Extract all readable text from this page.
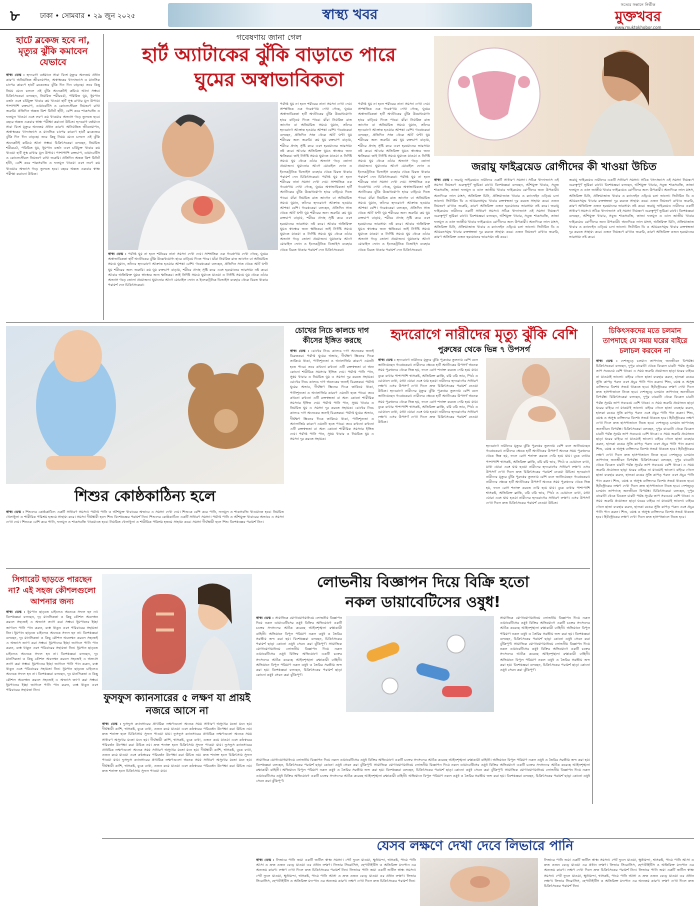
৮	ঢাকা • সোমবার • ২৯ জুন ২০২৫	স্বাস্থ্য খবর
সত্যের সন্ধানে নির্ভীক
মুক্তখবর
www.muktokhobor.com
হার্টে ব্লকেজ হবে না, মৃত্যুর ঝুঁকি কমাবেন যেভাবে
স্বাস্থ্য ডেস্ক : হৃদরোগ বর্তমানে সারা বিশ্বে মৃত্যুর অন্যতম প্রধান কারণ। অনিয়ন্ত্রিত জীবনযাপন, অস্বাস্থ্যকর খাদ্যাভ্যাস ও মানসিক চাপের কারণে হার্টে ব্লকেজের ঝুঁকি দিন দিন বাড়ছে। তবে কিছু নিয়ম মেনে চললে এই ঝুঁকি অনেকটাই কমিয়ে আনা সম্ভব। চিকিৎসকেরা বলছেন, নিয়মিত শরীরচর্চা, পরিমিত ঘুম, ধূমপান বর্জন এবং চর্বিযুক্ত খাবার কম খাওয়া হার্ট সুস্থ রাখার মূল উপায়। পাশাপাশি রক্তচাপ, ডায়াবেটিস ও কোলেস্টেরল নিয়ন্ত্রণে রাখা জরুরি। প্রতিদিন অন্তত ত্রিশ মিনিট হাঁটা, বেশি করে শাকসবজি ও ফলমূল খাওয়া এবং লবণ কম খাওয়ার অভ্যাস গড়ে তুলতে হবে। বছরে অন্তত একবার স্বাস্থ্য পরীক্ষা করানো উচিত। হৃদরোগ বর্তমানে সারা বিশ্বে মৃত্যুর অন্যতম প্রধান কারণ। অনিয়ন্ত্রিত জীবনযাপন, অস্বাস্থ্যকর খাদ্যাভ্যাস ও মানসিক চাপের কারণে হার্টে ব্লকেজের ঝুঁকি দিন দিন বাড়ছে। তবে কিছু নিয়ম মেনে চললে এই ঝুঁকি অনেকটাই কমিয়ে আনা সম্ভব। চিকিৎসকেরা বলছেন, নিয়মিত শরীরচর্চা, পরিমিত ঘুম, ধূমপান বর্জন এবং চর্বিযুক্ত খাবার কম খাওয়া হার্ট সুস্থ রাখার মূল উপায়। পাশাপাশি রক্তচাপ, ডায়াবেটিস ও কোলেস্টেরল নিয়ন্ত্রণে রাখা জরুরি। প্রতিদিন অন্তত ত্রিশ মিনিট হাঁটা, বেশি করে শাকসবজি ও ফলমূল খাওয়া এবং লবণ কম খাওয়ার অভ্যাস গড়ে তুলতে হবে। বছরে অন্তত একবার স্বাস্থ্য পরীক্ষা করানো উচিত।
গবেষণায় জানা গেল
হার্ট অ্যাটাকের ঝুঁকি বাড়াতে পারে
ঘুমের অস্বাভাবিকতা
স্বাস্থ্য ডেস্ক : পর্যাপ্ত ঘুম না হলে শরীরের নানা সমস্যা দেখা দেয়। সাম্প্রতিক এক গবেষণায় দেখা গেছে, ঘুমের অস্বাভাবিকতা হার্ট অ্যাটাকের ঝুঁকি উল্লেখযোগ্য হারে বাড়িয়ে দিতে পারে। যাঁরা নিয়মিত রাত জাগেন বা অনিয়মিত সময়ে ঘুমান, তাঁদের হৃদরোগে আক্রান্ত হওয়ার আশঙ্কা বেশি। গবেষকেরা বলছেন, প্রতিদিন সাত থেকে আট ঘণ্টা ঘুম শরীরের জন্য জরুরি। কম ঘুম রক্তচাপ বাড়ায়, শরীরে প্রদাহ সৃষ্টি করে এবং হরমোনের ভারসাম্য নষ্ট করে। আবার অতিরিক্ত ঘুমও স্বাস্থ্যের জন্য ক্ষতিকর। তাই নির্দিষ্ট সময়ে ঘুমাতে যাওয়া ও নির্দিষ্ট সময়ে ঘুম থেকে ওঠার অভ্যাস গড়ে তোলা প্রয়োজন। ঘুমানোর আগে মোবাইল ফোন ও ইলেকট্রনিক ডিভাইস ব্যবহার থেকে বিরত থাকার পরামর্শ দেন চিকিৎসকেরা।
পর্যাপ্ত ঘুম না হলে শরীরের নানা সমস্যা দেখা দেয়। সাম্প্রতিক এক গবেষণায় দেখা গেছে, ঘুমের অস্বাভাবিকতা হার্ট অ্যাটাকের ঝুঁকি উল্লেখযোগ্য হারে বাড়িয়ে দিতে পারে। যাঁরা নিয়মিত রাত জাগেন বা অনিয়মিত সময়ে ঘুমান, তাঁদের হৃদরোগে আক্রান্ত হওয়ার আশঙ্কা বেশি। গবেষকেরা বলছেন, প্রতিদিন সাত থেকে আট ঘণ্টা ঘুম শরীরের জন্য জরুরি। কম ঘুম রক্তচাপ বাড়ায়, শরীরে প্রদাহ সৃষ্টি করে এবং হরমোনের ভারসাম্য নষ্ট করে। আবার অতিরিক্ত ঘুমও স্বাস্থ্যের জন্য ক্ষতিকর। তাই নির্দিষ্ট সময়ে ঘুমাতে যাওয়া ও নির্দিষ্ট সময়ে ঘুম থেকে ওঠার অভ্যাস গড়ে তোলা প্রয়োজন। ঘুমানোর আগে মোবাইল ফোন ও ইলেকট্রনিক ডিভাইস ব্যবহার থেকে বিরত থাকার পরামর্শ দেন চিকিৎসকেরা। পর্যাপ্ত ঘুম না হলে শরীরের নানা সমস্যা দেখা দেয়। সাম্প্রতিক এক গবেষণায় দেখা গেছে, ঘুমের অস্বাভাবিকতা হার্ট অ্যাটাকের ঝুঁকি উল্লেখযোগ্য হারে বাড়িয়ে দিতে পারে। যাঁরা নিয়মিত রাত জাগেন বা অনিয়মিত সময়ে ঘুমান, তাঁদের হৃদরোগে আক্রান্ত হওয়ার আশঙ্কা বেশি। গবেষকেরা বলছেন, প্রতিদিন সাত থেকে আট ঘণ্টা ঘুম শরীরের জন্য জরুরি। কম ঘুম রক্তচাপ বাড়ায়, শরীরে প্রদাহ সৃষ্টি করে এবং হরমোনের ভারসাম্য নষ্ট করে। আবার অতিরিক্ত ঘুমও স্বাস্থ্যের জন্য ক্ষতিকর। তাই নির্দিষ্ট সময়ে ঘুমাতে যাওয়া ও নির্দিষ্ট সময়ে ঘুম থেকে ওঠার অভ্যাস গড়ে তোলা প্রয়োজন। ঘুমানোর আগে মোবাইল ফোন ও ইলেকট্রনিক ডিভাইস ব্যবহার থেকে বিরত থাকার পরামর্শ দেন চিকিৎসকেরা।
পর্যাপ্ত ঘুম না হলে শরীরের নানা সমস্যা দেখা দেয়। সাম্প্রতিক এক গবেষণায় দেখা গেছে, ঘুমের অস্বাভাবিকতা হার্ট অ্যাটাকের ঝুঁকি উল্লেখযোগ্য হারে বাড়িয়ে দিতে পারে। যাঁরা নিয়মিত রাত জাগেন বা অনিয়মিত সময়ে ঘুমান, তাঁদের হৃদরোগে আক্রান্ত হওয়ার আশঙ্কা বেশি। গবেষকেরা বলছেন, প্রতিদিন সাত থেকে আট ঘণ্টা ঘুম শরীরের জন্য জরুরি। কম ঘুম রক্তচাপ বাড়ায়, শরীরে প্রদাহ সৃষ্টি করে এবং হরমোনের ভারসাম্য নষ্ট করে। আবার অতিরিক্ত ঘুমও স্বাস্থ্যের জন্য ক্ষতিকর। তাই নির্দিষ্ট সময়ে ঘুমাতে যাওয়া ও নির্দিষ্ট সময়ে ঘুম থেকে ওঠার অভ্যাস গড়ে তোলা প্রয়োজন। ঘুমানোর আগে মোবাইল ফোন ও ইলেকট্রনিক ডিভাইস ব্যবহার থেকে বিরত থাকার পরামর্শ দেন চিকিৎসকেরা। পর্যাপ্ত ঘুম না হলে শরীরের নানা সমস্যা দেখা দেয়। সাম্প্রতিক এক গবেষণায় দেখা গেছে, ঘুমের অস্বাভাবিকতা হার্ট অ্যাটাকের ঝুঁকি উল্লেখযোগ্য হারে বাড়িয়ে দিতে পারে। যাঁরা নিয়মিত রাত জাগেন বা অনিয়মিত সময়ে ঘুমান, তাঁদের হৃদরোগে আক্রান্ত হওয়ার আশঙ্কা বেশি। গবেষকেরা বলছেন, প্রতিদিন সাত থেকে আট ঘণ্টা ঘুম শরীরের জন্য জরুরি। কম ঘুম রক্তচাপ বাড়ায়, শরীরে প্রদাহ সৃষ্টি করে এবং হরমোনের ভারসাম্য নষ্ট করে। আবার অতিরিক্ত ঘুমও স্বাস্থ্যের জন্য ক্ষতিকর। তাই নির্দিষ্ট সময়ে ঘুমাতে যাওয়া ও নির্দিষ্ট সময়ে ঘুম থেকে ওঠার অভ্যাস গড়ে তোলা প্রয়োজন। ঘুমানোর আগে মোবাইল ফোন ও ইলেকট্রনিক ডিভাইস ব্যবহার থেকে বিরত থাকার পরামর্শ দেন চিকিৎসকেরা।
জরায়ু ফাইব্রয়েড রোগীদের কী খাওয়া উচিত
স্বাস্থ্য ডেস্ক : জরায়ু ফাইব্রয়েড নারীদের একটি সাধারণ সমস্যা। সঠিক খাদ্যাভ্যাস এই সমস্যা নিয়ন্ত্রণে গুরুত্বপূর্ণ ভূমিকা রাখে। বিশেষজ্ঞরা বলছেন, আঁশযুক্ত খাবার, সবুজ শাকসবজি, তাজা ফলমূল ও ডাল জাতীয় খাবার ফাইব্রয়েড রোগীদের জন্য উপকারী। অন্যদিকে লাল মাংস, অতিরিক্ত চিনি, প্রক্রিয়াজাত খাবার ও ক্যাফেইন এড়িয়ে চলা ভালো। ভিটামিন ডি ও আয়রনসমৃদ্ধ খাবার রক্তস্বল্পতা দূর করতে সাহায্য করে। ওজন নিয়ন্ত্রণে রাখাও জরুরি, কারণ অতিরিক্ত ওজন হরমোনের ভারসাম্য নষ্ট করে। জরায়ু ফাইব্রয়েড নারীদের একটি সাধারণ সমস্যা। সঠিক খাদ্যাভ্যাস এই সমস্যা নিয়ন্ত্রণে গুরুত্বপূর্ণ ভূমিকা রাখে। বিশেষজ্ঞরা বলছেন, আঁশযুক্ত খাবার, সবুজ শাকসবজি, তাজা ফলমূল ও ডাল জাতীয় খাবার ফাইব্রয়েড রোগীদের জন্য উপকারী। অন্যদিকে লাল মাংস, অতিরিক্ত চিনি, প্রক্রিয়াজাত খাবার ও ক্যাফেইন এড়িয়ে চলা ভালো। ভিটামিন ডি ও আয়রনসমৃদ্ধ খাবার রক্তস্বল্পতা দূর করতে সাহায্য করে। ওজন নিয়ন্ত্রণে রাখাও জরুরি, কারণ অতিরিক্ত ওজন হরমোনের ভারসাম্য নষ্ট করে।
জরায়ু ফাইব্রয়েড নারীদের একটি সাধারণ সমস্যা। সঠিক খাদ্যাভ্যাস এই সমস্যা নিয়ন্ত্রণে গুরুত্বপূর্ণ ভূমিকা রাখে। বিশেষজ্ঞরা বলছেন, আঁশযুক্ত খাবার, সবুজ শাকসবজি, তাজা ফলমূল ও ডাল জাতীয় খাবার ফাইব্রয়েড রোগীদের জন্য উপকারী। অন্যদিকে লাল মাংস, অতিরিক্ত চিনি, প্রক্রিয়াজাত খাবার ও ক্যাফেইন এড়িয়ে চলা ভালো। ভিটামিন ডি ও আয়রনসমৃদ্ধ খাবার রক্তস্বল্পতা দূর করতে সাহায্য করে। ওজন নিয়ন্ত্রণে রাখাও জরুরি, কারণ অতিরিক্ত ওজন হরমোনের ভারসাম্য নষ্ট করে। জরায়ু ফাইব্রয়েড নারীদের একটি সাধারণ সমস্যা। সঠিক খাদ্যাভ্যাস এই সমস্যা নিয়ন্ত্রণে গুরুত্বপূর্ণ ভূমিকা রাখে। বিশেষজ্ঞরা বলছেন, আঁশযুক্ত খাবার, সবুজ শাকসবজি, তাজা ফলমূল ও ডাল জাতীয় খাবার ফাইব্রয়েড রোগীদের জন্য উপকারী। অন্যদিকে লাল মাংস, অতিরিক্ত চিনি, প্রক্রিয়াজাত খাবার ও ক্যাফেইন এড়িয়ে চলা ভালো। ভিটামিন ডি ও আয়রনসমৃদ্ধ খাবার রক্তস্বল্পতা দূর করতে সাহায্য করে। ওজন নিয়ন্ত্রণে রাখাও জরুরি, কারণ অতিরিক্ত ওজন হরমোনের ভারসাম্য নষ্ট করে।
শিশুর কোষ্ঠকাঠিন্য হলে
স্বাস্থ্য ডেস্ক : শিশুদের কোষ্ঠকাঠিন্য একটি সাধারণ সমস্যা। পর্যাপ্ত পানি ও আঁশযুক্ত খাবারের অভাবে এ সমস্যা দেখা দেয়। শিশুকে বেশি করে পানি, ফলমূল ও শাকসবজি খাওয়াতে হবে। নিয়মিত খেলাধুলা ও শারীরিক পরিশ্রম হজমে সাহায্য করে। সমস্যা দীর্ঘস্থায়ী হলে শিশু বিশেষজ্ঞের পরামর্শ নিন। শিশুদের কোষ্ঠকাঠিন্য একটি সাধারণ সমস্যা। পর্যাপ্ত পানি ও আঁশযুক্ত খাবারের অভাবে এ সমস্যা দেখা দেয়। শিশুকে বেশি করে পানি, ফলমূল ও শাকসবজি খাওয়াতে হবে। নিয়মিত খেলাধুলা ও শারীরিক পরিশ্রম হজমে সাহায্য করে। সমস্যা দীর্ঘস্থায়ী হলে শিশু বিশেষজ্ঞের পরামর্শ নিন।
চোখের নিচে কালচে দাগ কীসের ইঙ্গিত করছে
স্বাস্থ্য ডেস্ক : চোখের নিচে কালচে দাগ অনেকের জন্যই বিব্রতকর। পর্যাপ্ত ঘুমের অভাব, দীর্ঘক্ষণ স্ক্রিনের দিকে তাকিয়ে থাকা, পানিশূন্যতা ও অ্যালার্জির কারণে এমনটা হতে পারে। তবে কখনো কখনো এটি রক্তস্বল্পতা বা অন্য কোনো শারীরিক সমস্যার ইঙ্গিত দেয়। পর্যাপ্ত পানি পান, সুষম খাবার ও নিয়মিত ঘুম এ সমস্যা দূর করতে সহায়ক। চোখের নিচে কালচে দাগ অনেকের জন্যই বিব্রতকর। পর্যাপ্ত ঘুমের অভাব, দীর্ঘক্ষণ স্ক্রিনের দিকে তাকিয়ে থাকা, পানিশূন্যতা ও অ্যালার্জির কারণে এমনটা হতে পারে। তবে কখনো কখনো এটি রক্তস্বল্পতা বা অন্য কোনো শারীরিক সমস্যার ইঙ্গিত দেয়। পর্যাপ্ত পানি পান, সুষম খাবার ও নিয়মিত ঘুম এ সমস্যা দূর করতে সহায়ক। চোখের নিচে কালচে দাগ অনেকের জন্যই বিব্রতকর। পর্যাপ্ত ঘুমের অভাব, দীর্ঘক্ষণ স্ক্রিনের দিকে তাকিয়ে থাকা, পানিশূন্যতা ও অ্যালার্জির কারণে এমনটা হতে পারে। তবে কখনো কখনো এটি রক্তস্বল্পতা বা অন্য কোনো শারীরিক সমস্যার ইঙ্গিত দেয়। পর্যাপ্ত পানি পান, সুষম খাবার ও নিয়মিত ঘুম এ সমস্যা দূর করতে সহায়ক।
হৃদরোগে নারীদের মৃত্যু ঝুঁকি বেশি
পুরুষের থেকে ভিন্ন ৭ উপসর্গ
স্বাস্থ্য ডেস্ক : হৃদরোগে নারীদের মৃত্যুর ঝুঁকি পুরুষের তুলনায় বেশি বলে জানিয়েছেন গবেষকেরা। নারীদের ক্ষেত্রে হার্ট অ্যাটাকের উপসর্গ অনেক সময় পুরুষদের থেকে ভিন্ন হয়, ফলে রোগ শনাক্ত করতে দেরি হয়ে যায়। বুকে ব্যথার পাশাপাশি শ্বাসকষ্ট, অতিরিক্ত ক্লান্তি, বমি বমি ভাব, পিঠে ও চোয়ালে ব্যথা, মাথা ঘোরা এবং ঘাম হওয়া নারীদের হৃদরোগের সাধারণ লক্ষণ। এসব উপসর্গ দেখা দিলে দ্রুত চিকিৎসকের পরামর্শ নেওয়া উচিত। হৃদরোগে নারীদের মৃত্যুর ঝুঁকি পুরুষের তুলনায় বেশি বলে জানিয়েছেন গবেষকেরা। নারীদের ক্ষেত্রে হার্ট অ্যাটাকের উপসর্গ অনেক সময় পুরুষদের থেকে ভিন্ন হয়, ফলে রোগ শনাক্ত করতে দেরি হয়ে যায়। বুকে ব্যথার পাশাপাশি শ্বাসকষ্ট, অতিরিক্ত ক্লান্তি, বমি বমি ভাব, পিঠে ও চোয়ালে ব্যথা, মাথা ঘোরা এবং ঘাম হওয়া নারীদের হৃদরোগের সাধারণ লক্ষণ। এসব উপসর্গ দেখা দিলে দ্রুত চিকিৎসকের পরামর্শ নেওয়া উচিত।
হৃদরোগে নারীদের মৃত্যুর ঝুঁকি পুরুষের তুলনায় বেশি বলে জানিয়েছেন গবেষকেরা। নারীদের ক্ষেত্রে হার্ট অ্যাটাকের উপসর্গ অনেক সময় পুরুষদের থেকে ভিন্ন হয়, ফলে রোগ শনাক্ত করতে দেরি হয়ে যায়। বুকে ব্যথার পাশাপাশি শ্বাসকষ্ট, অতিরিক্ত ক্লান্তি, বমি বমি ভাব, পিঠে ও চোয়ালে ব্যথা, মাথা ঘোরা এবং ঘাম হওয়া নারীদের হৃদরোগের সাধারণ লক্ষণ। এসব উপসর্গ দেখা দিলে দ্রুত চিকিৎসকের পরামর্শ নেওয়া উচিত। হৃদরোগে নারীদের মৃত্যুর ঝুঁকি পুরুষের তুলনায় বেশি বলে জানিয়েছেন গবেষকেরা। নারীদের ক্ষেত্রে হার্ট অ্যাটাকের উপসর্গ অনেক সময় পুরুষদের থেকে ভিন্ন হয়, ফলে রোগ শনাক্ত করতে দেরি হয়ে যায়। বুকে ব্যথার পাশাপাশি শ্বাসকষ্ট, অতিরিক্ত ক্লান্তি, বমি বমি ভাব, পিঠে ও চোয়ালে ব্যথা, মাথা ঘোরা এবং ঘাম হওয়া নারীদের হৃদরোগের সাধারণ লক্ষণ। এসব উপসর্গ দেখা দিলে দ্রুত চিকিৎসকের পরামর্শ নেওয়া উচিত।
চিকিৎসকদের মতে চলমান তাপদাহে যে সময় ঘরের বাইরে চলাচল করবেন না
স্বাস্থ্য ডেস্ক : দেশজুড়ে চলমান তাপদাহে জনজীবন বিপর্যস্ত। চিকিৎসকেরা বলছেন, দুপুর বারোটা থেকে বিকেল চারটা পর্যন্ত সূর্যের তাপ সবচেয়ে বেশি থাকে। এ সময় জরুরি প্রয়োজন ছাড়া ঘরের বাইরে না যাওয়াই ভালো। বাইরে গেলে ছাতা ব্যবহার করুন, হালকা রঙের সুতি কাপড় পরুন এবং প্রচুর পানি পান করুন। শিশু, বয়স্ক ও অসুস্থ ব্যক্তিদের বিশেষ সতর্ক থাকতে হবে। হিটস্ট্রোকের লক্ষণ দেখা দিলে দ্রুত হাসপাতালে নিতে হবে। দেশজুড়ে চলমান তাপদাহে জনজীবন বিপর্যস্ত। চিকিৎসকেরা বলছেন, দুপুর বারোটা থেকে বিকেল চারটা পর্যন্ত সূর্যের তাপ সবচেয়ে বেশি থাকে। এ সময় জরুরি প্রয়োজন ছাড়া ঘরের বাইরে না যাওয়াই ভালো। বাইরে গেলে ছাতা ব্যবহার করুন, হালকা রঙের সুতি কাপড় পরুন এবং প্রচুর পানি পান করুন। শিশু, বয়স্ক ও অসুস্থ ব্যক্তিদের বিশেষ সতর্ক থাকতে হবে। হিটস্ট্রোকের লক্ষণ দেখা দিলে দ্রুত হাসপাতালে নিতে হবে। দেশজুড়ে চলমান তাপদাহে জনজীবন বিপর্যস্ত। চিকিৎসকেরা বলছেন, দুপুর বারোটা থেকে বিকেল চারটা পর্যন্ত সূর্যের তাপ সবচেয়ে বেশি থাকে। এ সময় জরুরি প্রয়োজন ছাড়া ঘরের বাইরে না যাওয়াই ভালো। বাইরে গেলে ছাতা ব্যবহার করুন, হালকা রঙের সুতি কাপড় পরুন এবং প্রচুর পানি পান করুন। শিশু, বয়স্ক ও অসুস্থ ব্যক্তিদের বিশেষ সতর্ক থাকতে হবে। হিটস্ট্রোকের লক্ষণ দেখা দিলে দ্রুত হাসপাতালে নিতে হবে। দেশজুড়ে চলমান তাপদাহে জনজীবন বিপর্যস্ত। চিকিৎসকেরা বলছেন, দুপুর বারোটা থেকে বিকেল চারটা পর্যন্ত সূর্যের তাপ সবচেয়ে বেশি থাকে। এ সময় জরুরি প্রয়োজন ছাড়া ঘরের বাইরে না যাওয়াই ভালো। বাইরে গেলে ছাতা ব্যবহার করুন, হালকা রঙের সুতি কাপড় পরুন এবং প্রচুর পানি পান করুন। শিশু, বয়স্ক ও অসুস্থ ব্যক্তিদের বিশেষ সতর্ক থাকতে হবে। হিটস্ট্রোকের লক্ষণ দেখা দিলে দ্রুত হাসপাতালে নিতে হবে। দেশজুড়ে চলমান তাপদাহে জনজীবন বিপর্যস্ত। চিকিৎসকেরা বলছেন, দুপুর বারোটা থেকে বিকেল চারটা পর্যন্ত সূর্যের তাপ সবচেয়ে বেশি থাকে। এ সময় জরুরি প্রয়োজন ছাড়া ঘরের বাইরে না যাওয়াই ভালো। বাইরে গেলে ছাতা ব্যবহার করুন, হালকা রঙের সুতি কাপড় পরুন এবং প্রচুর পানি পান করুন। শিশু, বয়স্ক ও অসুস্থ ব্যক্তিদের বিশেষ সতর্ক থাকতে হবে। হিটস্ট্রোকের লক্ষণ দেখা দিলে দ্রুত হাসপাতালে নিতে হবে।
সিগারেট ছাড়তে পারছেন না? এই সহজ কৌশলগুলো আপনার জন্য
স্বাস্থ্য ডেস্ক : ধূমপান ছাড়তে চাইলেও অনেকে সফল হন না। বিশেষজ্ঞরা বলছেন, দৃঢ় মানসিকতা ও কিছু কৌশল অবলম্বন করলে সহজেই এ অভ্যাস ত্যাগ করা সম্ভব। ধূমপানের ইচ্ছা জাগলে পানি পান করুন, ব্যস্ত থাকুন এবং পরিবারের সহায়তা নিন। ধূমপান ছাড়তে চাইলেও অনেকে সফল হন না। বিশেষজ্ঞরা বলছেন, দৃঢ় মানসিকতা ও কিছু কৌশল অবলম্বন করলে সহজেই এ অভ্যাস ত্যাগ করা সম্ভব। ধূমপানের ইচ্ছা জাগলে পানি পান করুন, ব্যস্ত থাকুন এবং পরিবারের সহায়তা নিন। ধূমপান ছাড়তে চাইলেও অনেকে সফল হন না। বিশেষজ্ঞরা বলছেন, দৃঢ় মানসিকতা ও কিছু কৌশল অবলম্বন করলে সহজেই এ অভ্যাস ত্যাগ করা সম্ভব। ধূমপানের ইচ্ছা জাগলে পানি পান করুন, ব্যস্ত থাকুন এবং পরিবারের সহায়তা নিন। ধূমপান ছাড়তে চাইলেও অনেকে সফল হন না। বিশেষজ্ঞরা বলছেন, দৃঢ় মানসিকতা ও কিছু কৌশল অবলম্বন করলে সহজেই এ অভ্যাস ত্যাগ করা সম্ভব। ধূমপানের ইচ্ছা জাগলে পানি পান করুন, ব্যস্ত থাকুন এবং পরিবারের সহায়তা নিন।
ফুসফুস ক্যানসারের ৫ লক্ষণ যা প্রায়ই নজরে আসে না
স্বাস্থ্য ডেস্ক : ফুসফুস ক্যানসারের প্রাথমিক লক্ষণগুলো অনেক সময় সাধারণ অসুখের মতো মনে হয়। দীর্ঘস্থায়ী কাশি, শ্বাসকষ্ট, বুকে ব্যথা, ওজন কমে যাওয়া এবং কণ্ঠস্বরের পরিবর্তন উপেক্ষা করা উচিত নয়। দ্রুত শনাক্ত হলে চিকিৎসায় সুফল পাওয়া যায়। ফুসফুস ক্যানসারের প্রাথমিক লক্ষণগুলো অনেক সময় সাধারণ অসুখের মতো মনে হয়। দীর্ঘস্থায়ী কাশি, শ্বাসকষ্ট, বুকে ব্যথা, ওজন কমে যাওয়া এবং কণ্ঠস্বরের পরিবর্তন উপেক্ষা করা উচিত নয়। দ্রুত শনাক্ত হলে চিকিৎসায় সুফল পাওয়া যায়। ফুসফুস ক্যানসারের প্রাথমিক লক্ষণগুলো অনেক সময় সাধারণ অসুখের মতো মনে হয়। দীর্ঘস্থায়ী কাশি, শ্বাসকষ্ট, বুকে ব্যথা, ওজন কমে যাওয়া এবং কণ্ঠস্বরের পরিবর্তন উপেক্ষা করা উচিত নয়। দ্রুত শনাক্ত হলে চিকিৎসায় সুফল পাওয়া যায়। ফুসফুস ক্যানসারের প্রাথমিক লক্ষণগুলো অনেক সময় সাধারণ অসুখের মতো মনে হয়। দীর্ঘস্থায়ী কাশি, শ্বাসকষ্ট, বুকে ব্যথা, ওজন কমে যাওয়া এবং কণ্ঠস্বরের পরিবর্তন উপেক্ষা করা উচিত নয়। দ্রুত শনাক্ত হলে চিকিৎসায় সুফল পাওয়া যায়।
লোভনীয় বিজ্ঞাপন দিয়ে বিক্রি হতো
নকল ডায়াবেটিসের ওষুধ!
স্বাস্থ্য ডেস্ক : সামাজিক যোগাযোগমাধ্যমে লোভনীয় বিজ্ঞাপন দিয়ে নকল ডায়াবেটিসের ওষুধ বিক্রির অভিযোগে একটি চক্রের সদস্যদের আটক করেছে আইনশৃঙ্খলা রক্ষাকারী বাহিনী। অভিযানে বিপুল পরিমাণ নকল ওষুধ ও তৈরির সরঞ্জাম জব্দ করা হয়। বিশেষজ্ঞরা বলছেন, চিকিৎসকের পরামর্শ ছাড়া কোনো ওষুধ সেবন করা ঝুঁকিপূর্ণ। সামাজিক যোগাযোগমাধ্যমে লোভনীয় বিজ্ঞাপন দিয়ে নকল ডায়াবেটিসের ওষুধ বিক্রির অভিযোগে একটি চক্রের সদস্যদের আটক করেছে আইনশৃঙ্খলা রক্ষাকারী বাহিনী। অভিযানে বিপুল পরিমাণ নকল ওষুধ ও তৈরির সরঞ্জাম জব্দ করা হয়। বিশেষজ্ঞরা বলছেন, চিকিৎসকের পরামর্শ ছাড়া কোনো ওষুধ সেবন করা ঝুঁকিপূর্ণ।
সামাজিক যোগাযোগমাধ্যমে লোভনীয় বিজ্ঞাপন দিয়ে নকল ডায়াবেটিসের ওষুধ বিক্রির অভিযোগে একটি চক্রের সদস্যদের আটক করেছে আইনশৃঙ্খলা রক্ষাকারী বাহিনী। অভিযানে বিপুল পরিমাণ নকল ওষুধ ও তৈরির সরঞ্জাম জব্দ করা হয়। বিশেষজ্ঞরা বলছেন, চিকিৎসকের পরামর্শ ছাড়া কোনো ওষুধ সেবন করা ঝুঁকিপূর্ণ। সামাজিক যোগাযোগমাধ্যমে লোভনীয় বিজ্ঞাপন দিয়ে নকল ডায়াবেটিসের ওষুধ বিক্রির অভিযোগে একটি চক্রের সদস্যদের আটক করেছে আইনশৃঙ্খলা রক্ষাকারী বাহিনী। অভিযানে বিপুল পরিমাণ নকল ওষুধ ও তৈরির সরঞ্জাম জব্দ করা হয়। বিশেষজ্ঞরা বলছেন, চিকিৎসকের পরামর্শ ছাড়া কোনো ওষুধ সেবন করা ঝুঁকিপূর্ণ।
সামাজিক যোগাযোগমাধ্যমে লোভনীয় বিজ্ঞাপন দিয়ে নকল ডায়াবেটিসের ওষুধ বিক্রির অভিযোগে একটি চক্রের সদস্যদের আটক করেছে আইনশৃঙ্খলা রক্ষাকারী বাহিনী। অভিযানে বিপুল পরিমাণ নকল ওষুধ ও তৈরির সরঞ্জাম জব্দ করা হয়। বিশেষজ্ঞরা বলছেন, চিকিৎসকের পরামর্শ ছাড়া কোনো ওষুধ সেবন করা ঝুঁকিপূর্ণ। সামাজিক যোগাযোগমাধ্যমে লোভনীয় বিজ্ঞাপন দিয়ে নকল ডায়াবেটিসের ওষুধ বিক্রির অভিযোগে একটি চক্রের সদস্যদের আটক করেছে আইনশৃঙ্খলা রক্ষাকারী বাহিনী। অভিযানে বিপুল পরিমাণ নকল ওষুধ ও তৈরির সরঞ্জাম জব্দ করা হয়। বিশেষজ্ঞরা বলছেন, চিকিৎসকের পরামর্শ ছাড়া কোনো ওষুধ সেবন করা ঝুঁকিপূর্ণ। সামাজিক যোগাযোগমাধ্যমে লোভনীয় বিজ্ঞাপন দিয়ে নকল ডায়াবেটিসের ওষুধ বিক্রির অভিযোগে একটি চক্রের সদস্যদের আটক করেছে আইনশৃঙ্খলা রক্ষাকারী বাহিনী। অভিযানে বিপুল পরিমাণ নকল ওষুধ ও তৈরির সরঞ্জাম জব্দ করা হয়। বিশেষজ্ঞরা বলছেন, চিকিৎসকের পরামর্শ ছাড়া কোনো ওষুধ সেবন করা ঝুঁকিপূর্ণ।
যেসব লক্ষণে দেখা দেবে লিভারে পানি
স্বাস্থ্য ডেস্ক : লিভারে পানি জমা একটি জটিল স্বাস্থ্য সমস্যা। পেট ফুলে যাওয়া, ক্ষুধামন্দা, শ্বাসকষ্ট, পায়ে পানি আসা ও দ্রুত ওজন বেড়ে যাওয়া এর প্রধান লক্ষণ। লিভার সিরোসিস, হেপাটাইটিস ও অতিরিক্ত মদ্যপান এর অন্যতম কারণ। লক্ষণ দেখা দিলে দ্রুত চিকিৎসকের পরামর্শ নিন। লিভারে পানি জমা একটি জটিল স্বাস্থ্য সমস্যা। পেট ফুলে যাওয়া, ক্ষুধামন্দা, শ্বাসকষ্ট, পায়ে পানি আসা ও দ্রুত ওজন বেড়ে যাওয়া এর প্রধান লক্ষণ। লিভার সিরোসিস, হেপাটাইটিস ও অতিরিক্ত মদ্যপান এর অন্যতম কারণ। লক্ষণ দেখা দিলে দ্রুত চিকিৎসকের পরামর্শ নিন।
লিভারে পানি জমা একটি জটিল স্বাস্থ্য সমস্যা। পেট ফুলে যাওয়া, ক্ষুধামন্দা, শ্বাসকষ্ট, পায়ে পানি আসা ও দ্রুত ওজন বেড়ে যাওয়া এর প্রধান লক্ষণ। লিভার সিরোসিস, হেপাটাইটিস ও অতিরিক্ত মদ্যপান এর অন্যতম কারণ। লক্ষণ দেখা দিলে দ্রুত চিকিৎসকের পরামর্শ নিন। লিভারে পানি জমা একটি জটিল স্বাস্থ্য সমস্যা। পেট ফুলে যাওয়া, ক্ষুধামন্দা, শ্বাসকষ্ট, পায়ে পানি আসা ও দ্রুত ওজন বেড়ে যাওয়া এর প্রধান লক্ষণ। লিভার সিরোসিস, হেপাটাইটিস ও অতিরিক্ত মদ্যপান এর অন্যতম কারণ। লক্ষণ দেখা দিলে দ্রুত চিকিৎসকের পরামর্শ নিন।
